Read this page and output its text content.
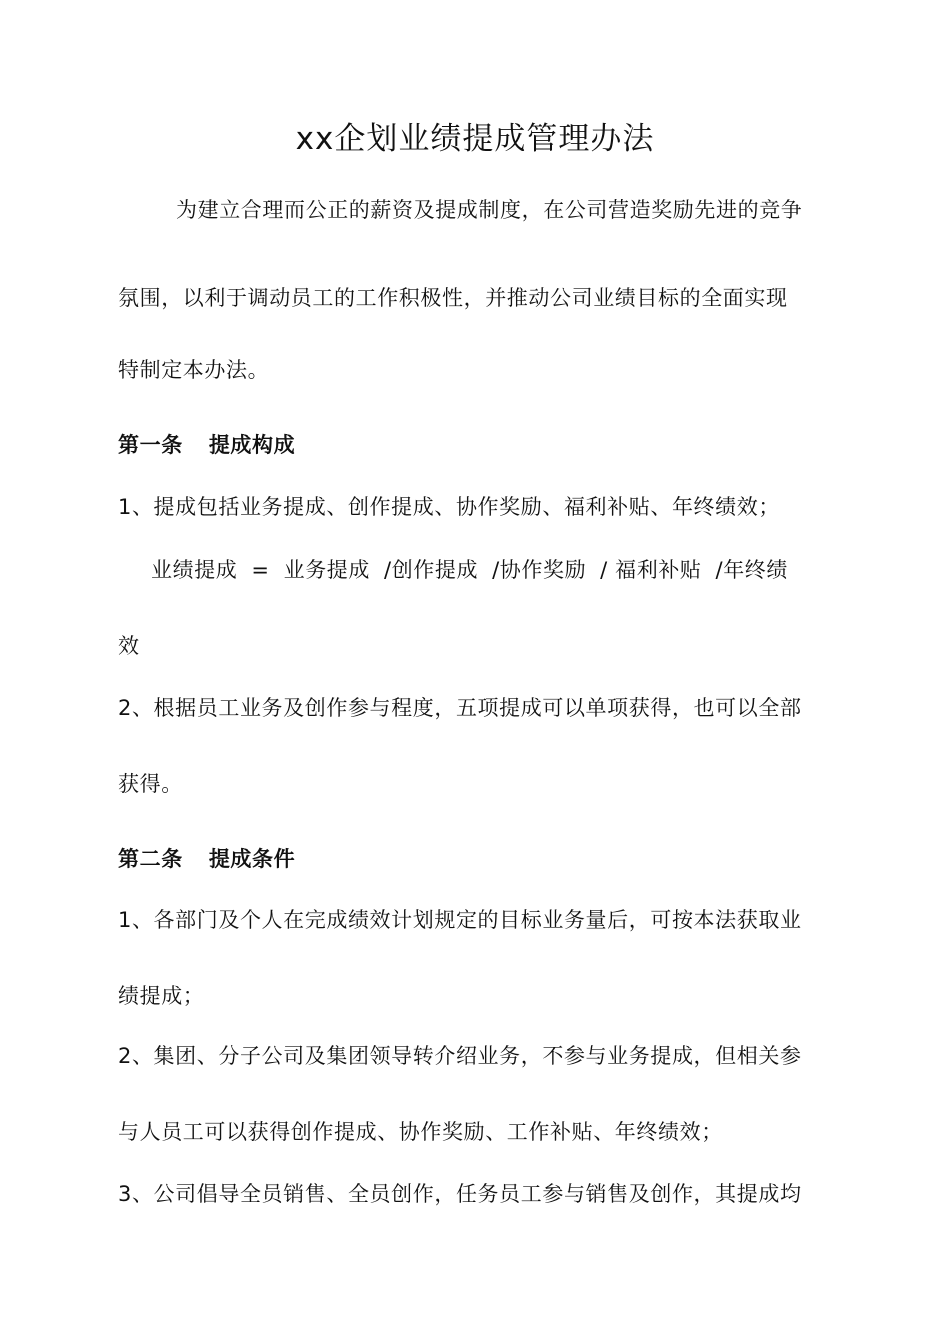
xx企划业绩提成管理办法
为建立合理而公正的薪资及提成制度，在公司营造奖励先进的竞争
氛围，以利于调动员工的工作积极性，并推动公司业绩目标的全面实现
特制定本办法。
第一条 提成构成
1、提成包括业务提成、创作提成、协作奖励、福利补贴、年终绩效；
业绩提成 = 业务提成 /创作提成 /协作奖励 / 福利补贴 /年终绩
效
2、根据员工业务及创作参与程度，五项提成可以单项获得，也可以全部
获得。
第二条 提成条件
1、各部门及个人在完成绩效计划规定的目标业务量后，可按本法获取业
绩提成；
2、集团、分子公司及集团领导转介绍业务，不参与业务提成，但相关参
与人员工可以获得创作提成、协作奖励、工作补贴、年终绩效；
3、公司倡导全员销售、全员创作，任务员工参与销售及创作，其提成均
